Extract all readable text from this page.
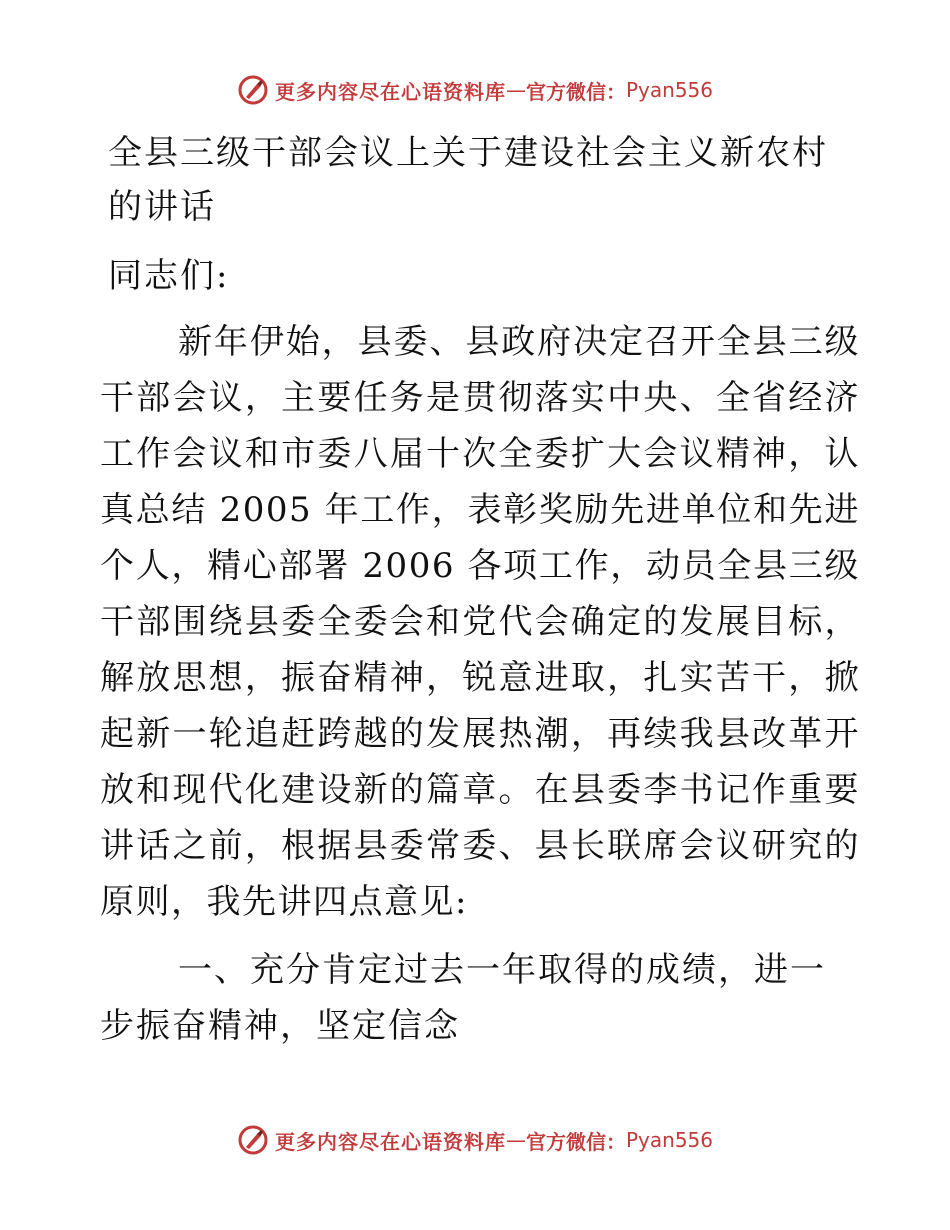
更多内容尽在心语资料库 — 官方微信： Pyan556
全县三级干部会议上关于建设社会主义新农村的讲话
同志们:

新年伊始，县委、县政府决定召开全县三级干部会议，主要任务是贯彻落实中央、全省经济工作会议和市委八届十次全委扩大会议精神，认真总结 2005 年工作，表彰奖励先进单位和先进个人，精心部署 2006 各项工作，动员全县三级干部围绕县委全委会和党代会确定的发展目标，解放思想，振奋精神，锐意进取，扎实苦干，掀起新一轮追赶跨越的发展热潮，再续我县改革开放和现代化建设新的篇章。在县委李书记作重要讲话之前，根据县委常委、县长联席会议研究的原则，我先讲四点意见:

一、充分肯定过去一年取得的成绩，进一步振奋精神，坚定信念
更多内容尽在心语资料库 — 官方微信： Pyan556
